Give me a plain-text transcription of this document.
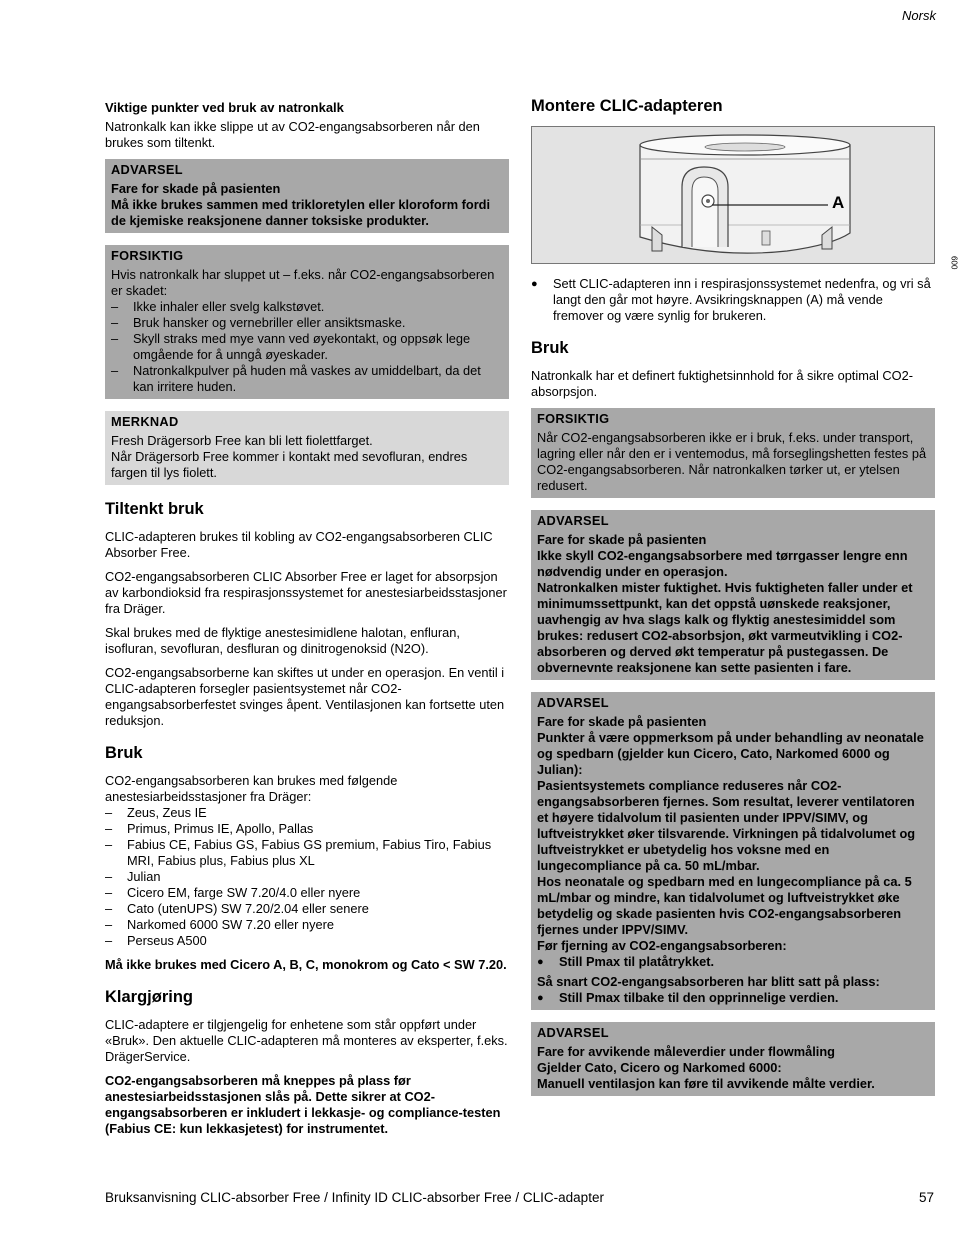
Norsk
Viktige punkter ved bruk av natronkalk

Natronkalk kan ikke slippe ut av CO2-engangsabsorberen når den brukes som tiltenkt.

ADVARSEL
Fare for skade på pasienten
Må ikke brukes sammen med trikloretylen eller kloroform fordi de kjemiske reaksjonene danner toksiske produkter.
FORSIKTIG
Hvis natronkalk har sluppet ut – f.eks. når CO2-engangsabsorberen er skadet:
– Ikke inhaler eller svelg kalkstøvet.
– Bruk hansker og vernebriller eller ansiktsmaske.
– Skyll straks med mye vann ved øyekontakt, og oppsøk lege omgående for å unngå øyeskader.
– Natronkalkpulver på huden må vaskes av umiddelbart, da det kan irritere huden.
MERKNAD
Fresh Drägersorb Free kan bli lett fiolettfarget.
Når Drägersorb Free kommer i kontakt med sevofluran, endres fargen til lys fiolett.
Tiltenkt bruk

CLIC-adapteren brukes til kobling av CO2-engangsabsorberen CLIC Absorber Free.

CO2-engangsabsorberen CLIC Absorber Free er laget for absorpsjon av karbondioksid fra respirasjonssystemet for anestesiarbeidsstasjoner fra Dräger.

Skal brukes med de flyktige anestesimidlene halotan, enfluran, isofluran, sevofluran, desfluran og dinitrogenoksid (N2O).

CO2-engangsabsorberne kan skiftes ut under en operasjon. En ventil i CLIC-adapteren forsegler pasientsystemet når CO2-engangsabsorberfestet svinges åpent. Ventilasjonen kan fortsette uten reduksjon.

Bruk

CO2-engangsabsorberen kan brukes med følgende anestesiarbeidsstasjoner fra Dräger:

– Zeus, Zeus IE
– Primus, Primus IE, Apollo, Pallas
– Fabius CE, Fabius GS, Fabius GS premium, Fabius Tiro, Fabius MRI, Fabius plus, Fabius plus XL
– Julian
– Cicero EM, farge SW 7.20/4.0 eller nyere
– Cato (utenUPS) SW 7.20/2.04 eller senere
– Narkomed 6000 SW 7.20 eller nyere
– Perseus A500

Må ikke brukes med Cicero A, B, C, monokrom og Cato < SW 7.20.

Klargjøring

CLIC-adaptere er tilgjengelig for enhetene som står oppført under «Bruk». Den aktuelle CLIC-adapteren må monteres av eksperter, f.eks. DrägerService.

CO2-engangsabsorberen må kneppes på plass før anestesiarbeidsstasjonen slås på. Dette sikrer at CO2-engangsabsorberen er inkludert i lekkasje- og compliance-testen (Fabius CE: kun lekkasjetest) for instrumentet.

Montere CLIC-adapteren
A
009
● Sett CLIC-adapteren inn i respirasjonssystemet nedenfra, og vri så langt den går mot høyre. Avsikringsknappen (A) må vende fremover og være synlig for brukeren.
Bruk

Natronkalk har et definert fuktighetsinnhold for å sikre optimal CO2-absorpsjon.

FORSIKTIG
Når CO2-engangsabsorberen ikke er i bruk, f.eks. under transport, lagring eller når den er i ventemodus, må forseglingshetten festes på CO2-engangsabsorberen. Når natronkalken tørker ut, er ytelsen redusert.
ADVARSEL
Fare for skade på pasienten
Ikke skyll CO2-engangsabsorbere med tørrgasser lengre enn nødvendig under en operasjon.
Natronkalken mister fuktighet. Hvis fuktigheten faller under et minimumssettpunkt, kan det oppstå uønskede reaksjoner, uavhengig av hva slags kalk og flyktig anestesimiddel som brukes: redusert CO2-absorbsjon, økt varmeutvikling i CO2-absorberen og derved økt temperatur på pustegassen. De obvernevnte reaksjonene kan sette pasienten i fare.
ADVARSEL
Fare for skade på pasienten
Punkter å være oppmerksom på under behandling av neonatale og spedbarn (gjelder kun Cicero, Cato, Narkomed 6000 og Julian):
Pasientsystemets compliance reduseres når CO2-engangsabsorberen fjernes. Som resultat, leverer ventilatoren et høyere tidalvolum til pasienten under IPPV/SIMV, og luftveistrykket øker tilsvarende. Virkningen på tidalvolumet og luftveistrykket er ubetydelig hos voksne med en lungecompliance på ca. 50 mL/mbar.
Hos neonatale og spedbarn med en lungecompliance på ca. 5 mL/mbar og mindre, kan tidalvolumet og luftveistrykket øke betydelig og skade pasienten hvis CO2-engangsabsorberen fjernes under IPPV/SIMV.
Før fjerning av CO2-engangsabsorberen:
● Still Pmax til platåtrykket.
Så snart CO2-engangsabsorberen har blitt satt på plass:
● Still Pmax tilbake til den opprinnelige verdien.
ADVARSEL
Fare for avvikende måleverdier under flowmåling
Gjelder Cato, Cicero og Narkomed 6000:
Manuell ventilasjon kan føre til avvikende målte verdier.
Bruksanvisning CLIC-absorber Free / Infinity ID CLIC-absorber Free / CLIC-adapter	57
